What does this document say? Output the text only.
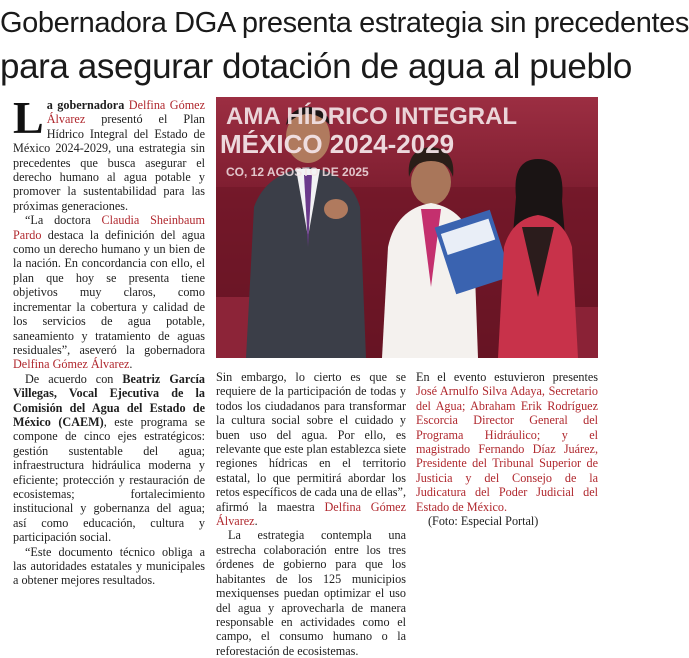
Gobernadora DGA presenta estrategia sin precedentes
para asegurar dotación de agua al pueblo

La gobernadora Delfina Gómez Álvarez presentó el Plan Hídrico Integral del Estado de México 2024-2029, una estrategia sin precedentes que busca asegurar el derecho humano al agua potable y promover la sustentabilidad para las próximas generaciones.

“La doctora Claudia Sheinbaum Pardo destaca la definición del agua como un derecho humano y un bien de la nación. En concordancia con ello, el plan que hoy se presenta tiene objetivos muy claros, como incrementar la cobertura y calidad de los servicios de agua potable, saneamiento y tratamiento de aguas residuales”, aseveró la gobernadora Delfina Gómez Álvarez.

De acuerdo con Beatriz García Villegas, Vocal Ejecutiva de la Comisión del Agua del Estado de México (CAEM), este programa se compone de cinco ejes estratégicos: gestión sustentable del agua; infraestructura hidráulica moderna y eficiente; protección y restauración de ecosistemas; fortalecimiento institucional y gobernanza del agua; así como educación, cultura y participación social.

“Este documento técnico obliga a las autoridades estatales y municipales a obtener mejores resultados.

AMA HÍDRICO INTEGRAL
MÉXICO 2024-2029
CO, 12 AGOSTO DE 2025

Sin embargo, lo cierto es que se requiere de la participación de todas y todos los ciudadanos para transformar la cultura social sobre el cuidado y buen uso del agua. Por ello, es relevante que este plan establezca siete regiones hídricas en el territorio estatal, lo que permitirá abordar los retos específicos de cada una de ellas”, afirmó la maestra Delfina Gómez Álvarez.

La estrategia contempla una estrecha colaboración entre los tres órdenes de gobierno para que los habitantes de los 125 municipios mexiquenses puedan optimizar el uso del agua y aprovecharla de manera responsable en actividades como el campo, el consumo humano o la reforestación de ecosistemas.

En el evento estuvieron presentes José Arnulfo Silva Adaya, Secretario del Agua; Abraham Erik Rodríguez Escorcia Director General del Programa Hidráulico; y el magistrado Fernando Díaz Juárez, Presidente del Tribunal Superior de Justicia y del Consejo de la Judicatura del Poder Judicial del Estado de México.

(Foto: Especial Portal)
